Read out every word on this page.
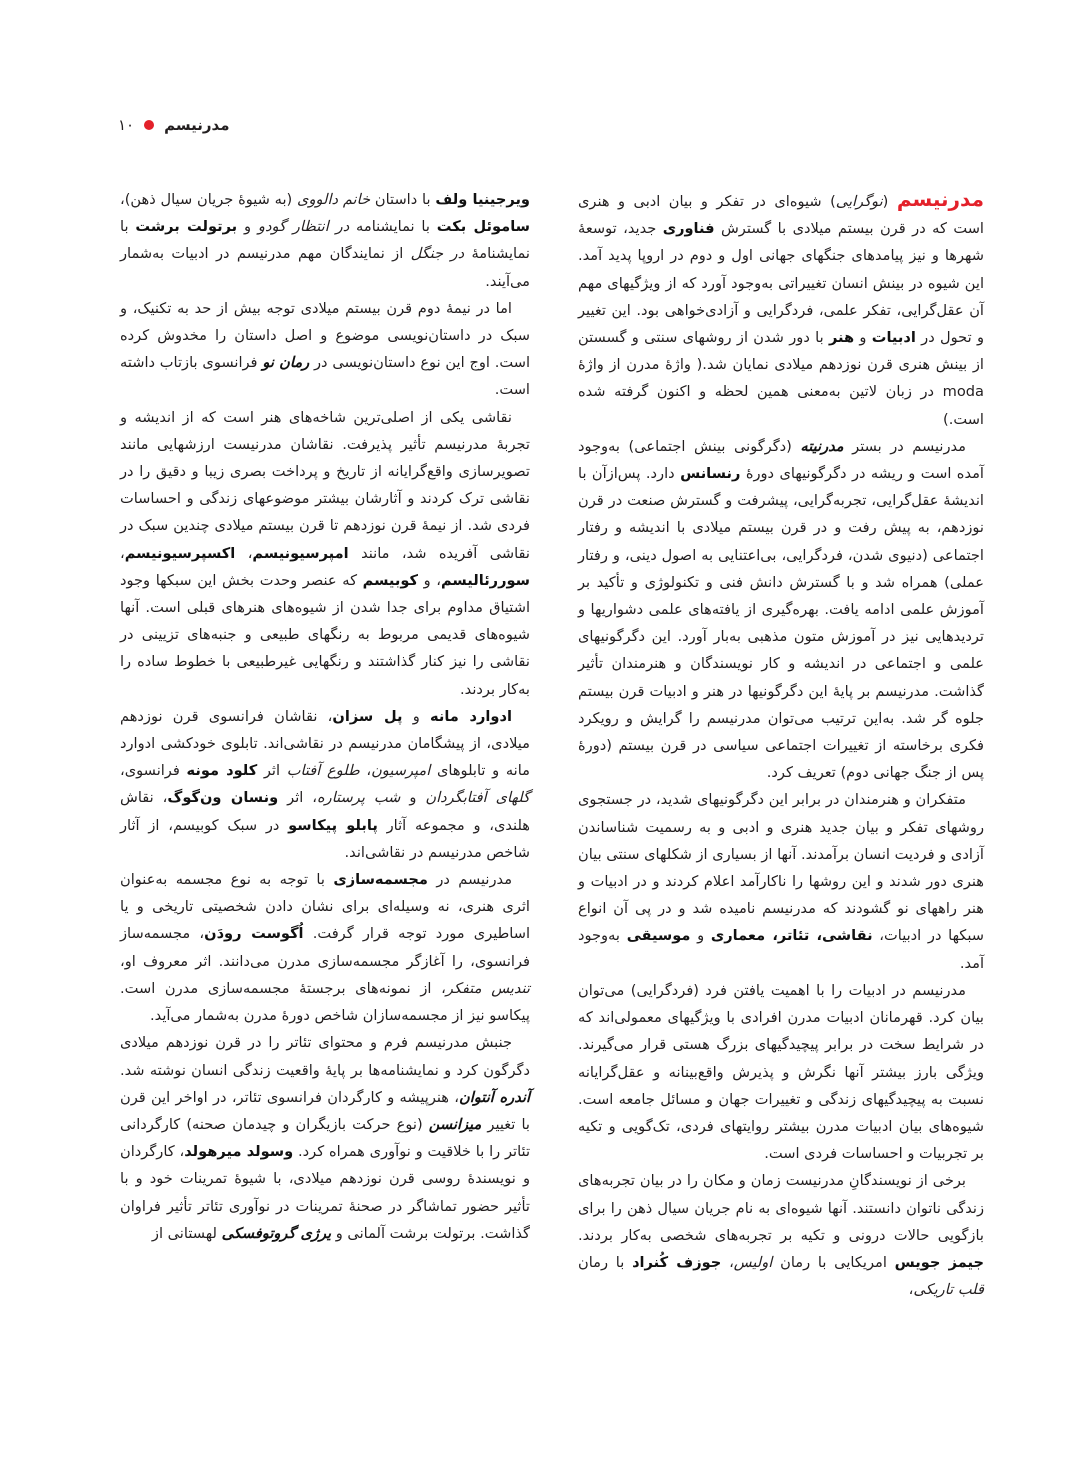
مدرنیسم
۱۰

مدرنیسم (نوگرایی) شیوه‌ای در تفکر و بیان ادبی و هنری است که در قرن بیستم میلادی با گسترش فناوری جدید، توسعهٔ شهرها و نیز پیامدهای جنگهای جهانی اول و دوم در اروپا پدید آمد. این شیوه در بینش انسان تغییراتی به‌وجود آورد که از ویژگیهای مهم آن عقل‌گرایی، تفکر علمی، فردگرایی و آزادی‌خواهی بود. این تغییر و تحول در ادبیات و هنر با دور شدن از روشهای سنتی و گسستن از بینش هنری قرن نوزدهم میلادی نمایان شد.( واژهٔ مدرن از واژهٔ moda در زبان لاتین به‌معنی همین لحظه و اکنون گرفته شده است.)

مدرنیسم در بستر مدرنیته (دگرگونی بینش اجتماعی) به‌وجود آمده است و ریشه در دگرگونیهای دورهٔ رنسانس دارد. پس‌ازآن با اندیشهٔ عقل‌گرایی، تجربه‌گرایی، پیشرفت و گسترش صنعت در قرن نوزدهم، به پیش رفت و در قرن بیستم میلادی با اندیشه و رفتار اجتماعی (دنیوی شدن، فردگرایی، بی‌اعتنایی به اصول دینی، و رفتار عملی) همراه شد و با گسترش دانش فنی و تکنولوژی و تأکید بر آموزش علمی ادامه یافت. بهره‌گیری از یافته‌های علمی دشواریها و تردیدهایی نیز در آموزش متون مذهبی به‌بار آورد. این دگرگونیهای علمی و اجتماعی در اندیشه و کار نویسندگان و هنرمندان تأثیر گذاشت. مدرنیسم بر پایهٔ این دگرگونیها در هنر و ادبیات قرن بیستم جلوه گر شد. به‌این ترتیب می‌توان مدرنیسم را گرایش و رویکرد فکری برخاسته از تغییرات اجتماعی سیاسی در قرن بیستم (دورهٔ پس از جنگ جهانی دوم) تعریف کرد.

متفکران و هنرمندان در برابر این دگرگونیهای شدید، در جستجوی روشهای تفکر و بیان جدید هنری و ادبی و به رسمیت شناساندن آزادی و فردیت انسان برآمدند. آنها از بسیاری از شکلهای سنتی بیان هنری دور شدند و این روشها را ناکارآمد اعلام کردند و در ادبیات و هنر راههای نو گشودند که مدرنیسم نامیده شد و در پی آن انواع سبکها در ادبیات، نقاشی، تئاتر، معماری و موسیقی به‌وجود آمد.

مدرنیسم در ادبیات را با اهمیت یافتن فرد (فردگرایی) می‌توان بیان کرد. قهرمانان ادبیات مدرن افرادی با ویژگیهای معمولی‌اند که در شرایط سخت در برابر پیچیدگیهای بزرگ هستی قرار می‌گیرند. ویژگی بارز بیشتر آنها نگرش و پذیرش واقع‌بینانه و عقل‌گرایانه نسبت به پیچیدگیهای زندگی و تغییرات جهان و مسائل جامعه است. شیوه‌های بیان ادبیات مدرن بیشتر روایتهای فردی، تک‌گویی و تکیه بر تجربیات و احساسات فردی است.

برخی از نویسندگانِ مدرنیست زمان و مکان را در بیان تجربه‌های زندگی ناتوان دانستند. آنها شیوه‌ای به نام جریان سیال ذهن را برای بازگویی حالات درونی و تکیه بر تجربه‌های شخصی به‌کار بردند. جیمز جویس امریکایی با رمان اولیس، جوزف کُنراد با رمان قلب تاریکی،

ویرجینیا ولف با داستان خانم دالووی (به شیوهٔ جریان سیال ذهن)، ساموئل بکت با نمایشنامه در انتظار گودو و برتولت برشت با نمایشنامهٔ در جنگل از نمایندگان مهم مدرنیسم در ادبیات به‌شمار می‌آیند.

اما در نیمهٔ دوم قرن بیستم میلادی توجه بیش از حد به تکنیک، و سبک در داستان‌نویسی موضوع و اصل داستان را مخدوش کرده است. اوج این نوع داستان‌نویسی در رمان نو فرانسوی بازتاب داشته است.

نقاشی یکی از اصلی‌ترین شاخه‌های هنر است که از اندیشه و تجربهٔ مدرنیسم تأثیر پذیرفت. نقاشان مدرنیست ارزشهایی مانند تصویرسازی واقع‌گرایانه از تاریخ و پرداخت بصری زیبا و دقیق را در نقاشی ترک کردند و آثارشان بیشتر موضوعهای زندگی و احساسات فردی شد. از نیمهٔ قرن نوزدهم تا قرن بیستم میلادی چندین سبک در نقاشی آفریده شد، مانند امپرسیونیسم، اکسپرسیونیسم، سوررئالیسم، و کوبیسم که عنصر وحدت بخش این سبکها وجود اشتیاق مداوم برای جدا شدن از شیوه‌های هنرهای قبلی است. آنها شیوه‌های قدیمی مربوط به رنگهای طبیعی و جنبه‌های تزیینی در نقاشی را نیز کنار گذاشتند و رنگهایی غیرطبیعی با خطوط ساده را به‌کار بردند.

ادوارد مانه و پل سزان، نقاشان فرانسوی قرن نوزدهم میلادی، از پیشگامان مدرنیسم در نقاشی‌اند. تابلوی خودکشی ادوارد مانه و تابلوهای امپرسیون، طلوع آفتاب اثر کلود مونه فرانسوی، گلهای آفتابگردان و شب پرستاره، اثر ونسان ون‌گوگ، نقاش هلندی، و مجموعه آثار پابلو پیکاسو در سبک کوبیسم، از آثار شاخص مدرنیسم در نقاشی‌اند.

مدرنیسم در مجسمه‌سازی با توجه به نوع مجسمه به‌عنوان اثری هنری، نه وسیله‌ای برای نشان دادن شخصیتی تاریخی و یا اساطیری مورد توجه قرار گرفت. اُگوست رودَن، مجسمه‌ساز فرانسوی، را آغازگر مجسمه‌سازی مدرن می‌دانند. اثر معروف او، تندیس متفکر، از نمونه‌های برجستهٔ مجسمه‌سازی مدرن است. پیکاسو نیز از مجسمه‌سازان شاخص دورهٔ مدرن به‌شمار می‌آید.

جنبش مدرنیسم فرم و محتوای تئاتر را در قرن نوزدهم میلادی دگرگون کرد و نمایشنامه‌ها بر پایهٔ واقعیت زندگی انسان نوشته شد. آندره آنتوان، هنرپیشه و کارگردان فرانسوی تئاتر، در اواخر این قرن با تغییر میزانسن (نوع حرکت بازیگران و چیدمان صحنه) کارگردانی تئاتر را با خلاقیت و نوآوری همراه کرد. وسولد میرهولد، کارگردان و نویسندهٔ روسی قرن نوزدهم میلادی، با شیوهٔ تمرینات خود و با تأثیر حضور تماشاگر در صحنهٔ تمرینات در نوآوری تئاتر تأثیر فراوان گذاشت. برتولت برشت آلمانی و یرژی گروتوفسکی لهستانی از
